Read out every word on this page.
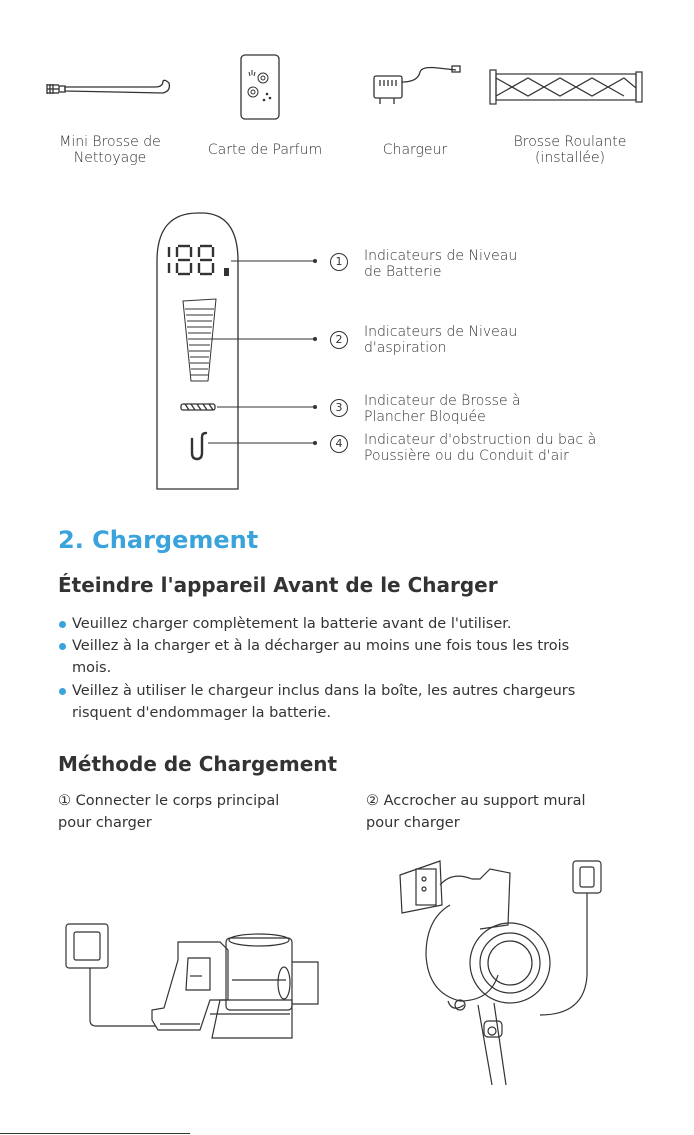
Mini Brosse de
Nettoyage	Carte de Parfum	Chargeur	Brosse Roulante
(installée)
1
2
3
4
Indicateurs de Niveau
de Batterie
Indicateurs de Niveau
d'aspiration
Indicateur de Brosse à
Plancher Bloquée
Indicateur d'obstruction du bac à
Poussière ou du Conduit d'air
2. Chargement
Éteindre l'appareil Avant de le Charger
Veuillez charger complètement la batterie avant de l'utiliser.
Veillez à la charger et à la décharger au moins une fois tous les trois mois.
Veillez à utiliser le chargeur inclus dans la boîte, les autres chargeurs risquent d'endommager la batterie.
Méthode de Chargement
① Connecter le corps principal
pour charger
② Accrocher au support mural
pour charger
